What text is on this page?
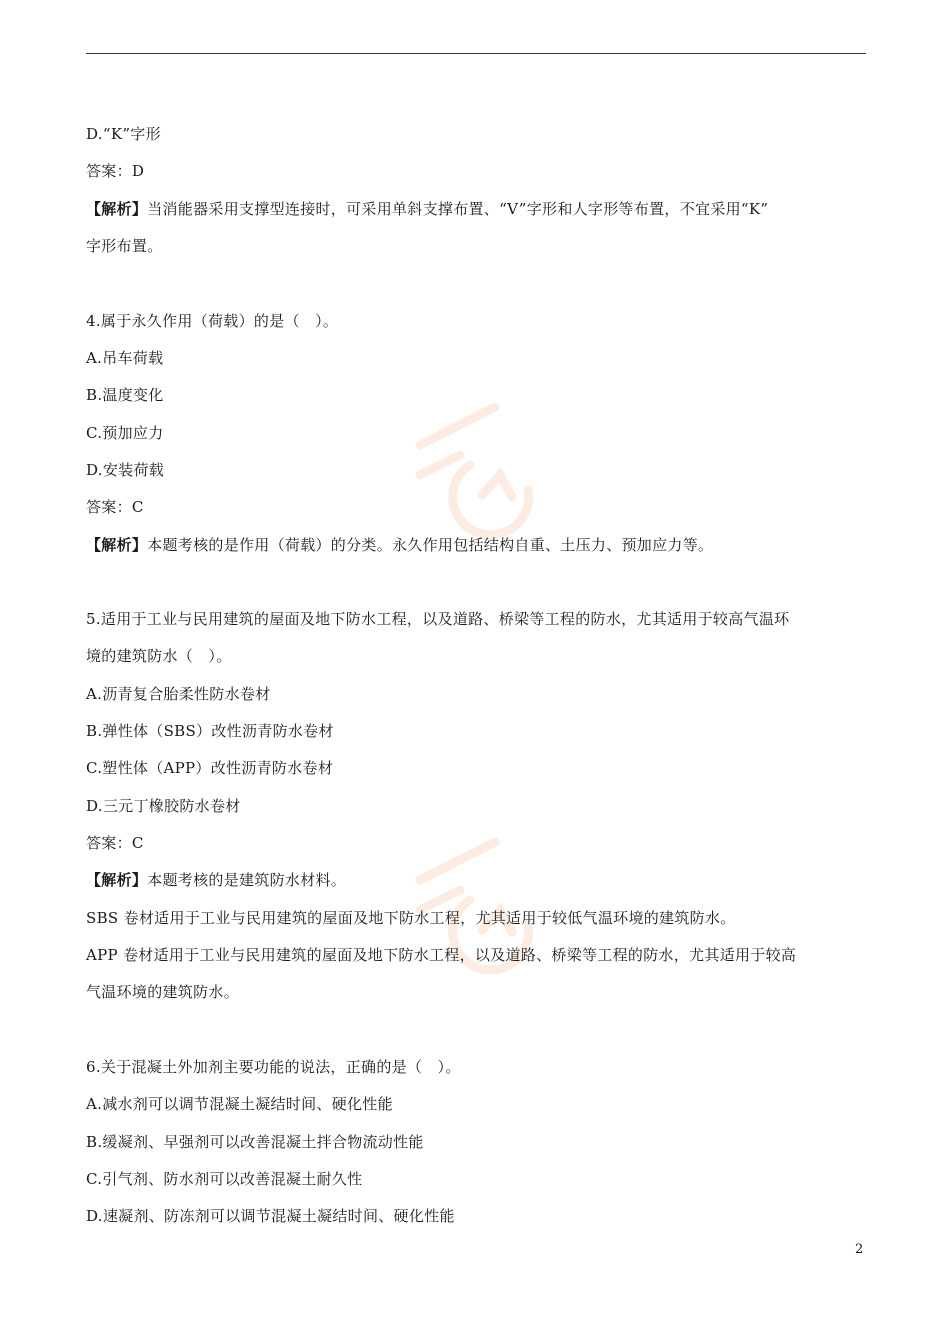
D.“K”字形
答案：D
【解析】当消能器采用支撑型连接时，可采用单斜支撑布置、“V”字形和人字形等布置，不宜采用“K”
字形布置。
4.属于永久作用（荷载）的是（　）。
A.吊车荷载
B.温度变化
C.预加应力
D.安装荷载
答案：C
【解析】本题考核的是作用（荷载）的分类。永久作用包括结构自重、土压力、预加应力等。
5.适用于工业与民用建筑的屋面及地下防水工程，以及道路、桥梁等工程的防水，尤其适用于较高气温环
境的建筑防水（　）。
A.沥青复合胎柔性防水卷材
B.弹性体（SBS）改性沥青防水卷材
C.塑性体（APP）改性沥青防水卷材
D.三元丁橡胶防水卷材
答案：C
【解析】本题考核的是建筑防水材料。
SBS 卷材适用于工业与民用建筑的屋面及地下防水工程，尤其适用于较低气温环境的建筑防水。
APP 卷材适用于工业与民用建筑的屋面及地下防水工程，以及道路、桥梁等工程的防水，尤其适用于较高
气温环境的建筑防水。
6.关于混凝土外加剂主要功能的说法，正确的是（　）。
A.减水剂可以调节混凝土凝结时间、硬化性能
B.缓凝剂、早强剂可以改善混凝土拌合物流动性能
C.引气剂、防水剂可以改善混凝土耐久性
D.速凝剂、防冻剂可以调节混凝土凝结时间、硬化性能
2
